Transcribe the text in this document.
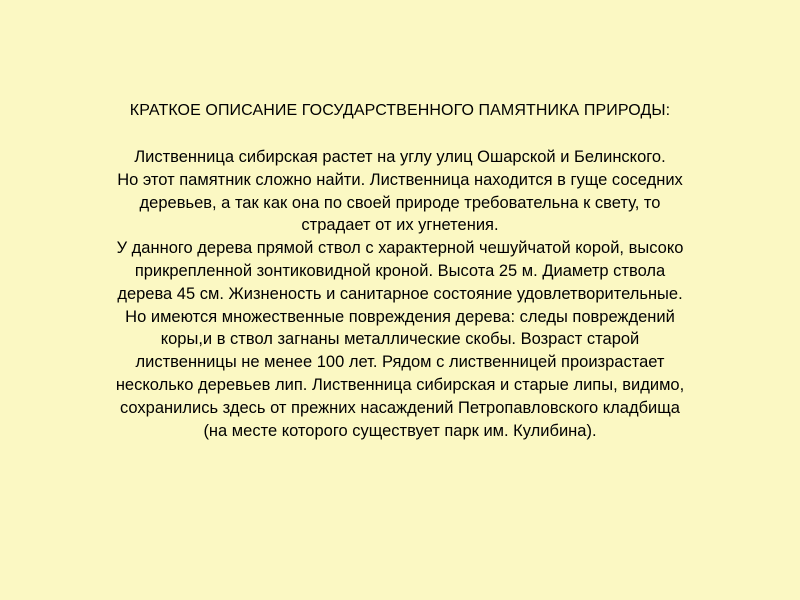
КРАТКОЕ ОПИСАНИЕ ГОСУДАРСТВЕННОГО ПАМЯТНИКА ПРИРОДЫ:

Лиственница сибирская растет на углу улиц Ошарской и Белинского.

Но этот памятник сложно найти. Лиственница находится в гуще соседних

деревьев, а так как она по своей природе требовательна к свету, то

страдает от их угнетения.

У данного дерева прямой ствол с характерной чешуйчатой корой, высоко

прикрепленной зонтиковидной кроной. Высота 25 м. Диаметр ствола

дерева 45 см. Жизненость и санитарное состояние удовлетворительные.

Но имеются множественные повреждения дерева: следы повреждений

коры,и в ствол загнаны металлические скобы. Возраст старой

лиственницы не менее 100 лет. Рядом с лиственницей произрастает

несколько деревьев лип. Лиственница сибирская и старые липы, видимо,

сохранились здесь от прежних насаждений Петропавловского кладбища

(на месте которого существует парк им. Кулибина).
